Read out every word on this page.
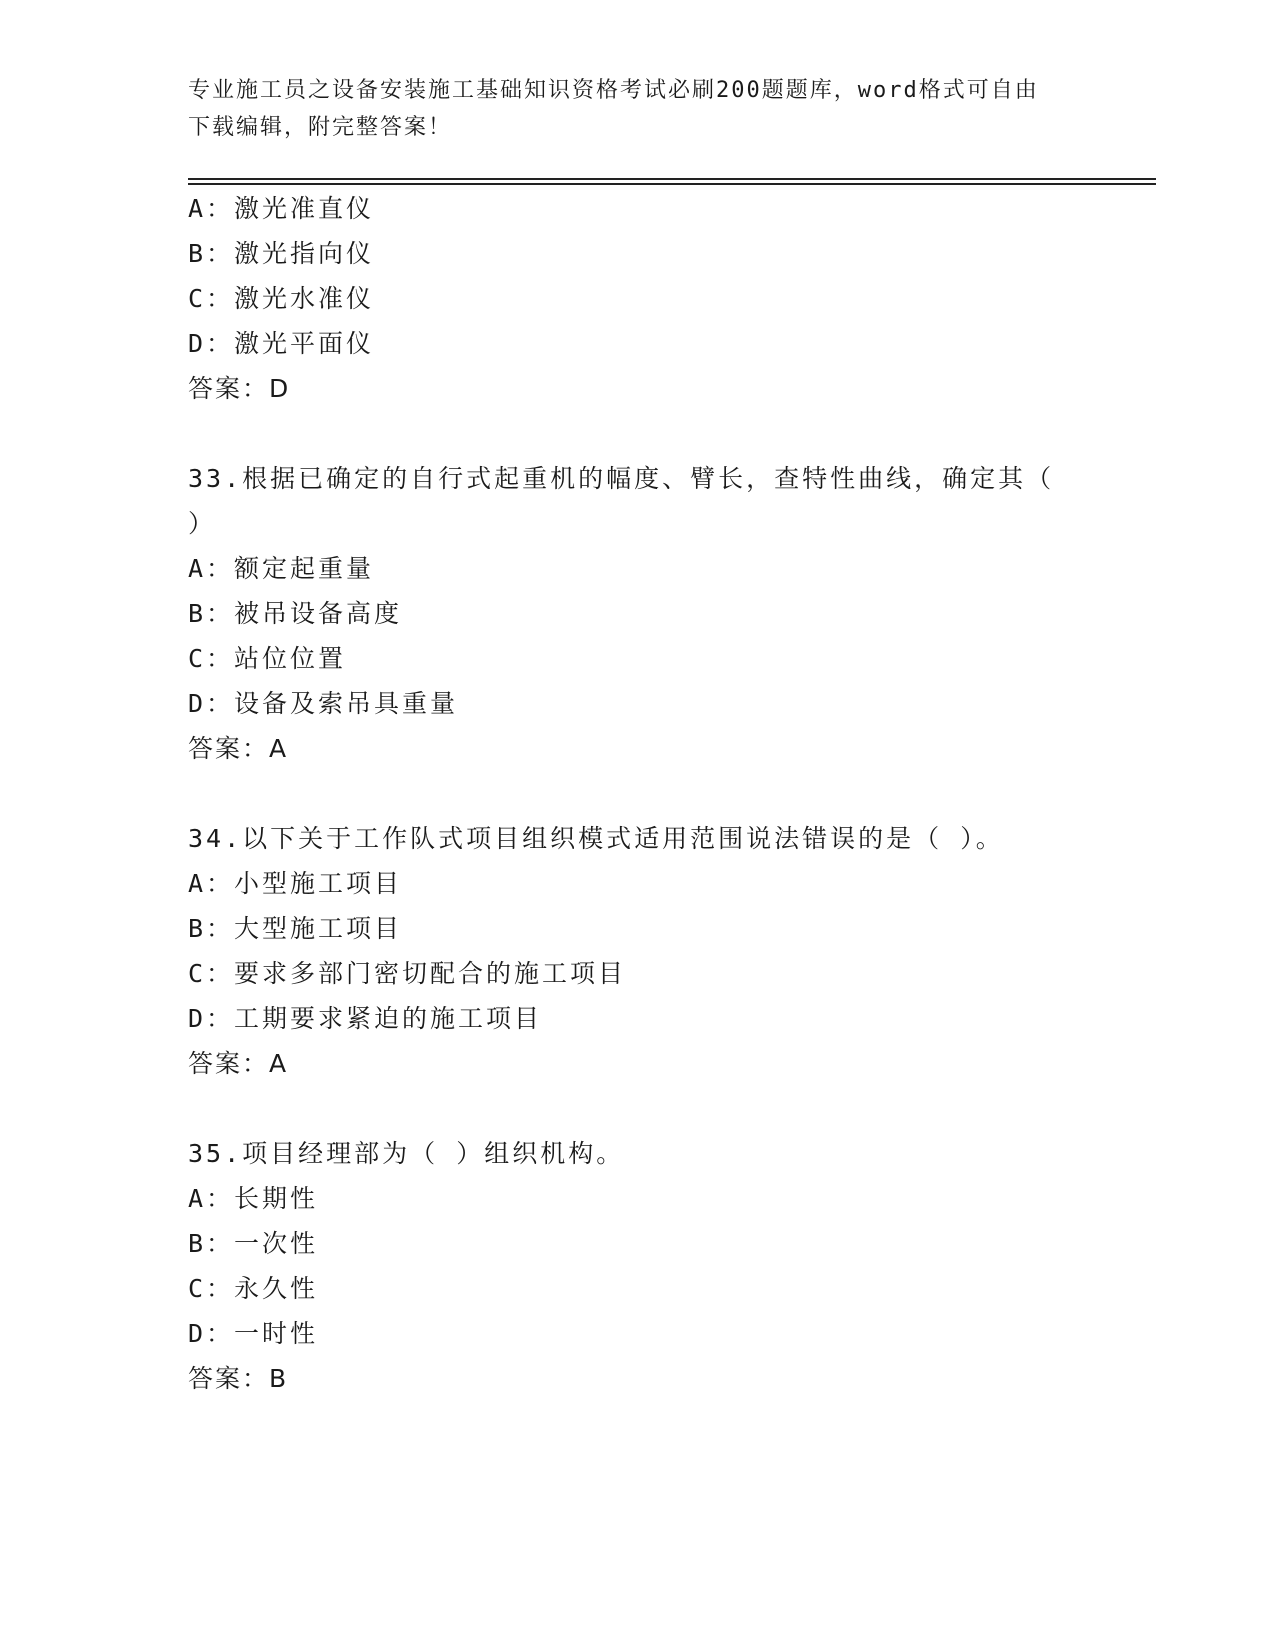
专业施工员之设备安装施工基础知识资格考试必刷200题题库，word格式可自由
下载编辑，附完整答案！
A：激光准直仪
B：激光指向仪
C：激光水准仪
D：激光平面仪
答案：D
33.根据已确定的自行式起重机的幅度、臂长，查特性曲线，确定其（
）
A：额定起重量
B：被吊设备高度
C：站位位置
D：设备及索吊具重量
答案：A
34.以下关于工作队式项目组织模式适用范围说法错误的是（ ）。
A：小型施工项目
B：大型施工项目
C：要求多部门密切配合的施工项目
D：工期要求紧迫的施工项目
答案：A
35.项目经理部为（ ）组织机构。
A：长期性
B：一次性
C：永久性
D：一时性
答案：B
